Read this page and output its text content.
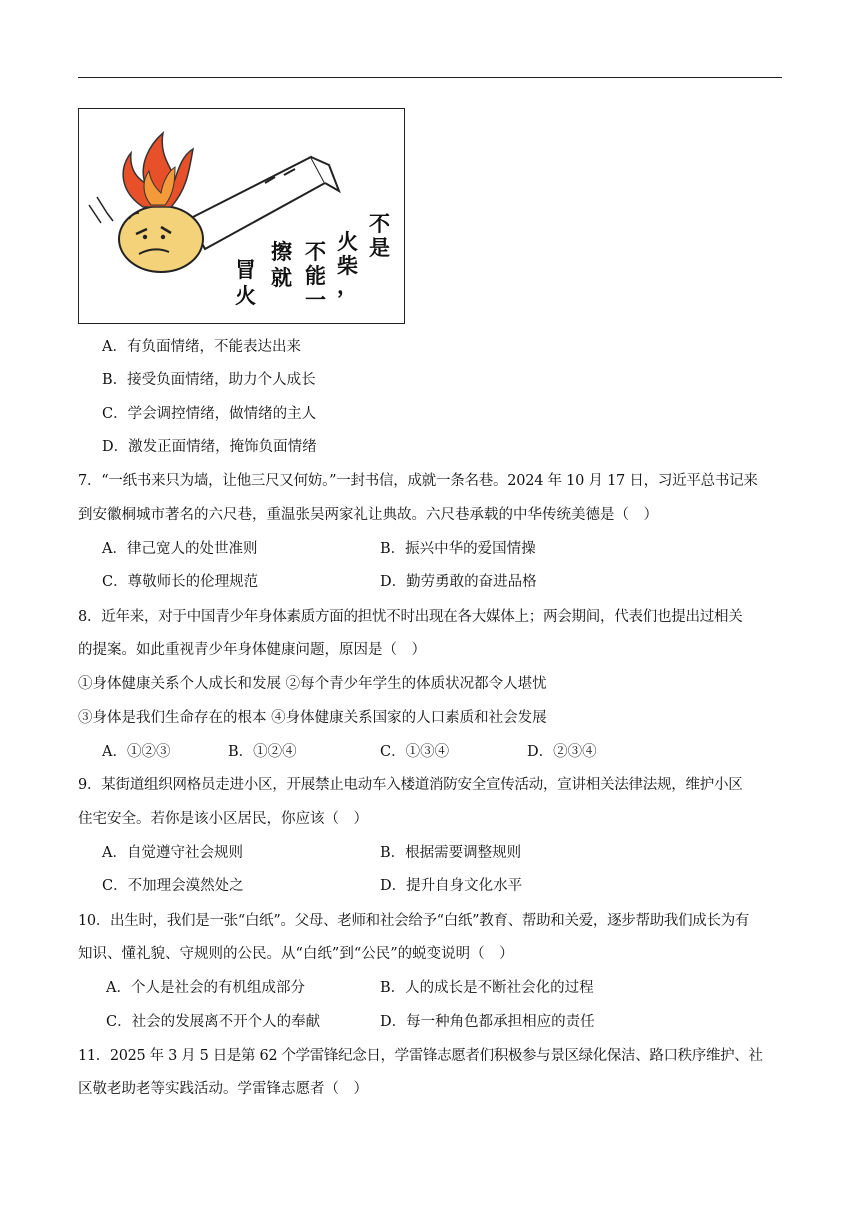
不
是
火
柴
，
不
能
一
擦
就
冒
火
A．有负面情绪，不能表达出来
B．接受负面情绪，助力个人成长
C．学会调控情绪，做情绪的主人
D．激发正面情绪，掩饰负面情绪
7．“一纸书来只为墙，让他三尺又何妨。”一封书信，成就一条名巷。2024 年 10 月 17 日，习近平总书记来
到安徽桐城市著名的六尺巷，重温张吴两家礼让典故。六尺巷承载的中华传统美德是（　）
A．律己宽人的处世准则	B．振兴中华的爱国情操
C．尊敬师长的伦理规范	D．勤劳勇敢的奋进品格
8．近年来，对于中国青少年身体素质方面的担忧不时出现在各大媒体上；两会期间，代表们也提出过相关
的提案。如此重视青少年身体健康问题，原因是（　）
①身体健康关系个人成长和发展 ②每个青少年学生的体质状况都令人堪忧
③身体是我们生命存在的根本 ④身体健康关系国家的人口素质和社会发展
A．①②③	B．①②④	C．①③④	D．②③④
9．某街道组织网格员走进小区，开展禁止电动车入楼道消防安全宣传活动，宣讲相关法律法规，维护小区
住宅安全。若你是该小区居民，你应该（　）
A．自觉遵守社会规则	B．根据需要调整规则
C．不加理会漠然处之	D．提升自身文化水平
10．出生时，我们是一张“白纸”。父母、老师和社会给予“白纸”教育、帮助和关爱，逐步帮助我们成长为有
知识、懂礼貌、守规则的公民。从“白纸”到“公民”的蜕变说明（　）
A．个人是社会的有机组成部分	B．人的成长是不断社会化的过程
C．社会的发展离不开个人的奉献	D．每一种角色都承担相应的责任
11．2025 年 3 月 5 日是第 62 个学雷锋纪念日，学雷锋志愿者们积极参与景区绿化保洁、路口秩序维护、社
区敬老助老等实践活动。学雷锋志愿者（　）
